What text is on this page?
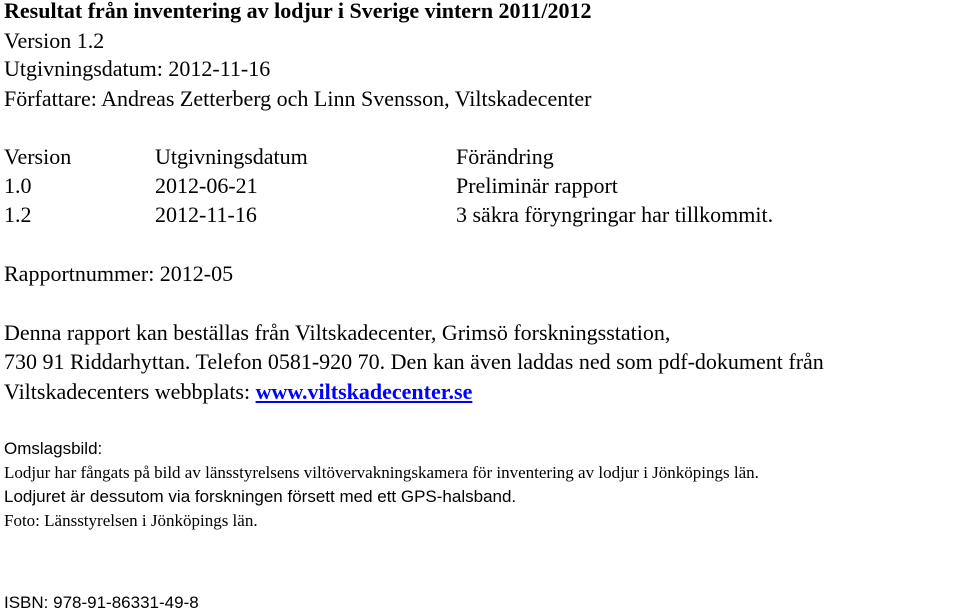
Resultat från inventering av lodjur i Sverige vintern 2011/2012
Version 1.2
Utgivningsdatum: 2012-11-16
Författare: Andreas Zetterberg och Linn Svensson, Viltskadecenter
Version	Utgivningsdatum	Förändring
1.0	2012-06-21	Preliminär rapport
1.2	2012-11-16	3 säkra föryngringar har tillkommit.
Rapportnummer: 2012-05
Denna rapport kan beställas från Viltskadecenter, Grimsö forskningsstation,
730 91 Riddarhyttan. Telefon 0581-920 70. Den kan även laddas ned som pdf-dokument från
Viltskadecenters webbplats: www.viltskadecenter.se
Omslagsbild:
Lodjur har fångats på bild av länsstyrelsens viltövervakningskamera för inventering av lodjur i Jönköpings län.
Lodjuret är dessutom via forskningen försett med ett GPS-halsband.
Foto: Länsstyrelsen i Jönköpings län.
ISBN: 978-91-86331-49-8
